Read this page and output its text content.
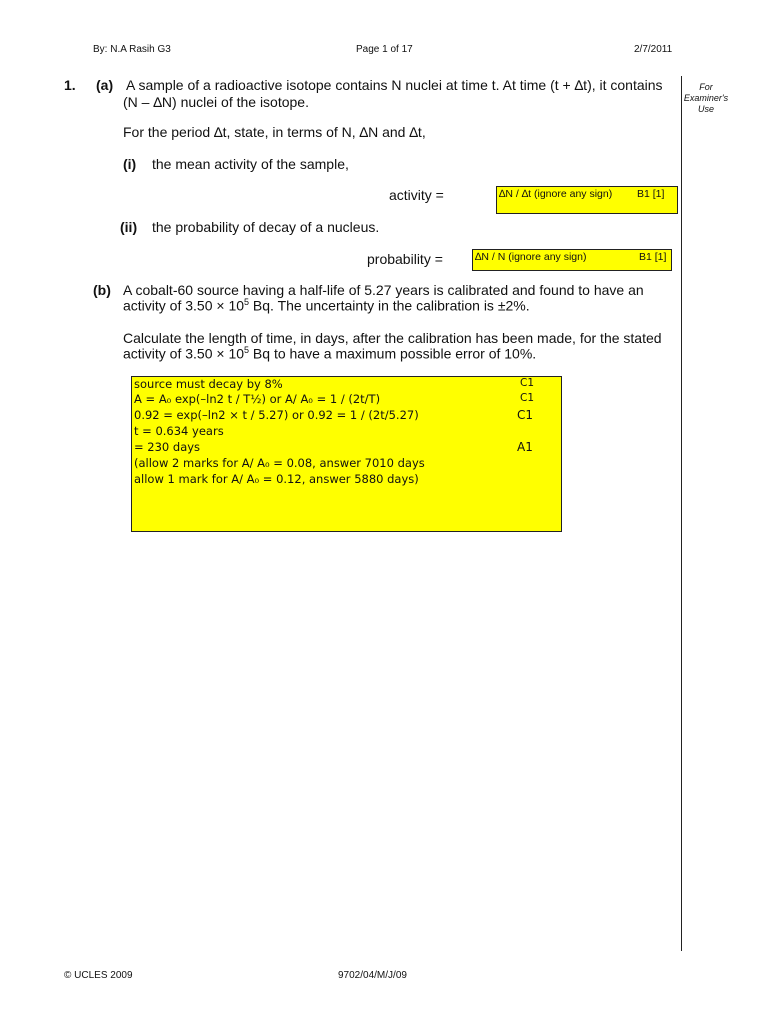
By: N.A Rasih G3	Page 1 of 17	2/7/2011
For
Examiner's
Use
1. (a) A sample of a radioactive isotope contains N nuclei at time t. At time (t + ∆t), it contains
(N – ∆N) nuclei of the isotope.
For the period ∆t, state, in terms of N, ∆N and ∆t,
(i) the mean activity of the sample,
activity =	∆N / ∆t (ignore any sign) B1 [1]
(ii) the probability of decay of a nucleus.
probability =	∆N / N (ignore any sign)	B1 [1]
(b) A cobalt-60 source having a half-life of 5.27 years is calibrated and found to have an
activity of $3.50 \times 10^5$ Bq. The uncertainty in the calibration is ±2%.
Calculate the length of time, in days, after the calibration has been made, for the stated
activity of $3.50 \times 10^5$ Bq to have a maximum possible error of 10%.
source must decay by 8%	C1
A = A₀ exp(–ln2 t / T½) or A/ A₀ = 1 / (2t/T)	C1
0.92 = exp(–ln2 × t / 5.27) or 0.92 = 1 / (2t/5.27)	C1
t = 0.634 years
= 230 days	A1
(allow 2 marks for A/ A₀ = 0.08, answer 7010 days
allow 1 mark for A/ A₀ = 0.12, answer 5880 days)
© UCLES 2009	9702/04/M/J/09
